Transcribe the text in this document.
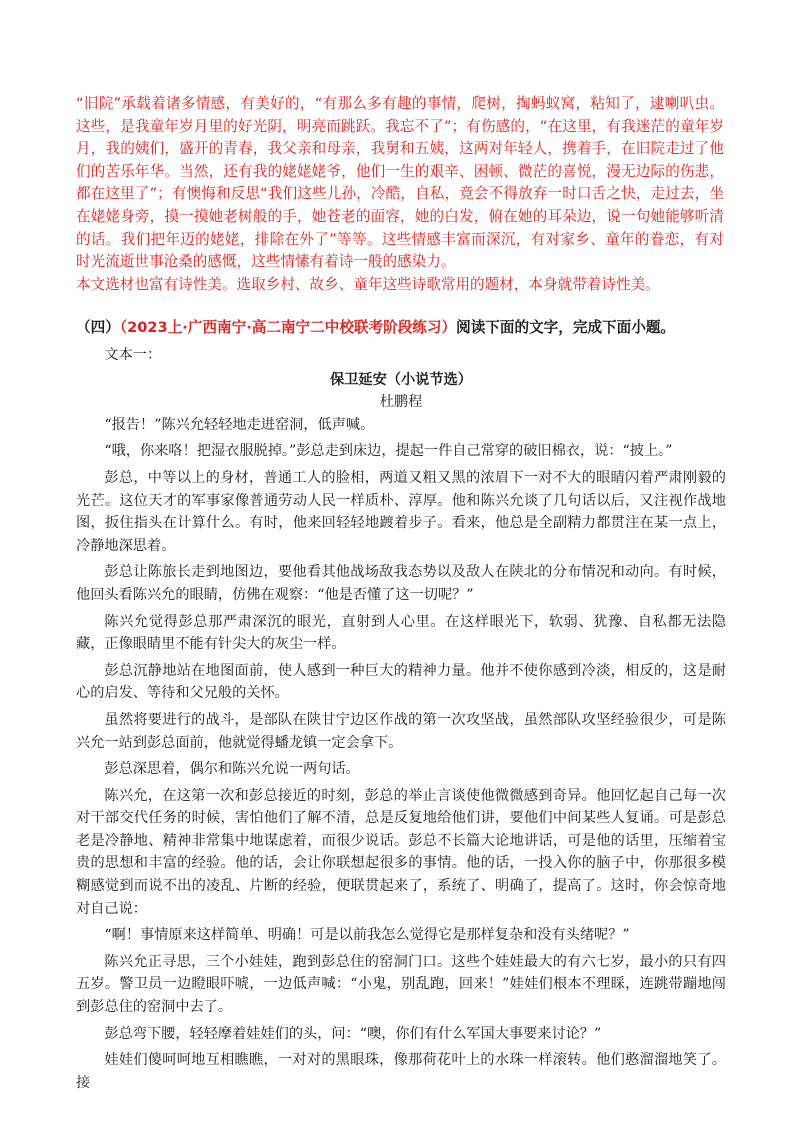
“旧院”承载着诸多情感，有美好的，“有那么多有趣的事情，爬树，掏蚂蚁窝，粘知了，逮喇叭虫。这些，是我童年岁月里的好光阴，明亮而跳跃。我忘不了”；有伤感的，“在这里，有我迷茫的童年岁月，我的姨们，盛开的青春，我父亲和母亲，我舅和五姨，这两对年轻人，携着手，在旧院走过了他们的苦乐年华。当然，还有我的姥姥姥爷，他们一生的艰辛、困顿、微茫的喜悦，漫无边际的伤悲，都在这里了”；有懊悔和反思“我们这些儿孙，冷酷，自私，竟会不得放弃一时口舌之快，走过去，坐在姥姥身旁，摸一摸她老树般的手，她苍老的面容，她的白发，俯在她的耳朵边，说一句她能够听清的话。我们把年迈的姥姥，排除在外了”等等。这些情感丰富而深沉，有对家乡、童年的眷恋，有对时光流逝世事沧桑的感慨，这些情愫有着诗一般的感染力。

本文选材也富有诗性美。选取乡村、故乡、童年这些诗歌常用的题材，本身就带着诗性美。

（四）（2023上·广西南宁·高二南宁二中校联考阶段练习）阅读下面的文字，完成下面小题。

文本一：

保卫延安（小说节选）

杜鹏程

“报告！”陈兴允轻轻地走进窑洞，低声喊。

“哦，你来咯！把湿衣服脱掉。”彭总走到床边，提起一件自己常穿的破旧棉衣，说：“披上。”

彭总，中等以上的身材，普通工人的脸相，两道又粗又黑的浓眉下一对不大的眼睛闪着严肃刚毅的光芒。这位天才的军事家像普通劳动人民一样质朴、淳厚。他和陈兴允谈了几句话以后，又注视作战地图，扳住指头在计算什么。有时，他来回轻轻地踱着步子。看来，他总是全副精力都贯注在某一点上，冷静地深思着。

彭总让陈旅长走到地图边，要他看其他战场敌我态势以及敌人在陕北的分布情况和动向。有时候，他回头看陈兴允的眼睛，仿佛在观察：“他是否懂了这一切呢？”

陈兴允觉得彭总那严肃深沉的眼光，直射到人心里。在这样眼光下，软弱、犹豫、自私都无法隐藏，正像眼睛里不能有针尖大的灰尘一样。

彭总沉静地站在地图面前，使人感到一种巨大的精神力量。他并不使你感到冷淡，相反的，这是耐心的启发、等待和父兄般的关怀。

虽然将要进行的战斗，是部队在陕甘宁边区作战的第一次攻坚战，虽然部队攻坚经验很少，可是陈兴允一站到彭总面前，他就觉得蟠龙镇一定会拿下。

彭总深思着，偶尔和陈兴允说一两句话。

陈兴允，在这第一次和彭总接近的时刻，彭总的举止言谈使他微微感到奇异。他回忆起自己每一次对干部交代任务的时候，害怕他们了解不清，总是反复地给他们讲，要他们中间某些人复诵。可是彭总老是冷静地、精神非常集中地谋虑着，而很少说话。彭总不长篇大论地讲话，可是他的话里，压缩着宝贵的思想和丰富的经验。他的话，会让你联想起很多的事情。他的话，一投入你的脑子中，你那很多模糊感觉到而说不出的凌乱、片断的经验，便联贯起来了，系统了、明确了，提高了。这时，你会惊奇地对自己说：

“啊！事情原来这样简单、明确！可是以前我怎么觉得它是那样复杂和没有头绪呢？”

陈兴允正寻思，三个小娃娃，跑到彭总住的窑洞门口。这些个娃娃最大的有六七岁，最小的只有四五岁。警卫员一边瞪眼吓唬，一边低声喊：“小鬼，别乱跑，回来！”娃娃们根本不理睬，连跳带蹦地闯到彭总住的窑洞中去了。

彭总弯下腰，轻轻摩着娃娃们的头，问：“噢，你们有什么军国大事要来讨论？”

娃娃们傻呵呵地互相瞧瞧，一对对的黑眼珠，像那荷花叶上的水珠一样滚转。他们憨溜溜地笑了。接
